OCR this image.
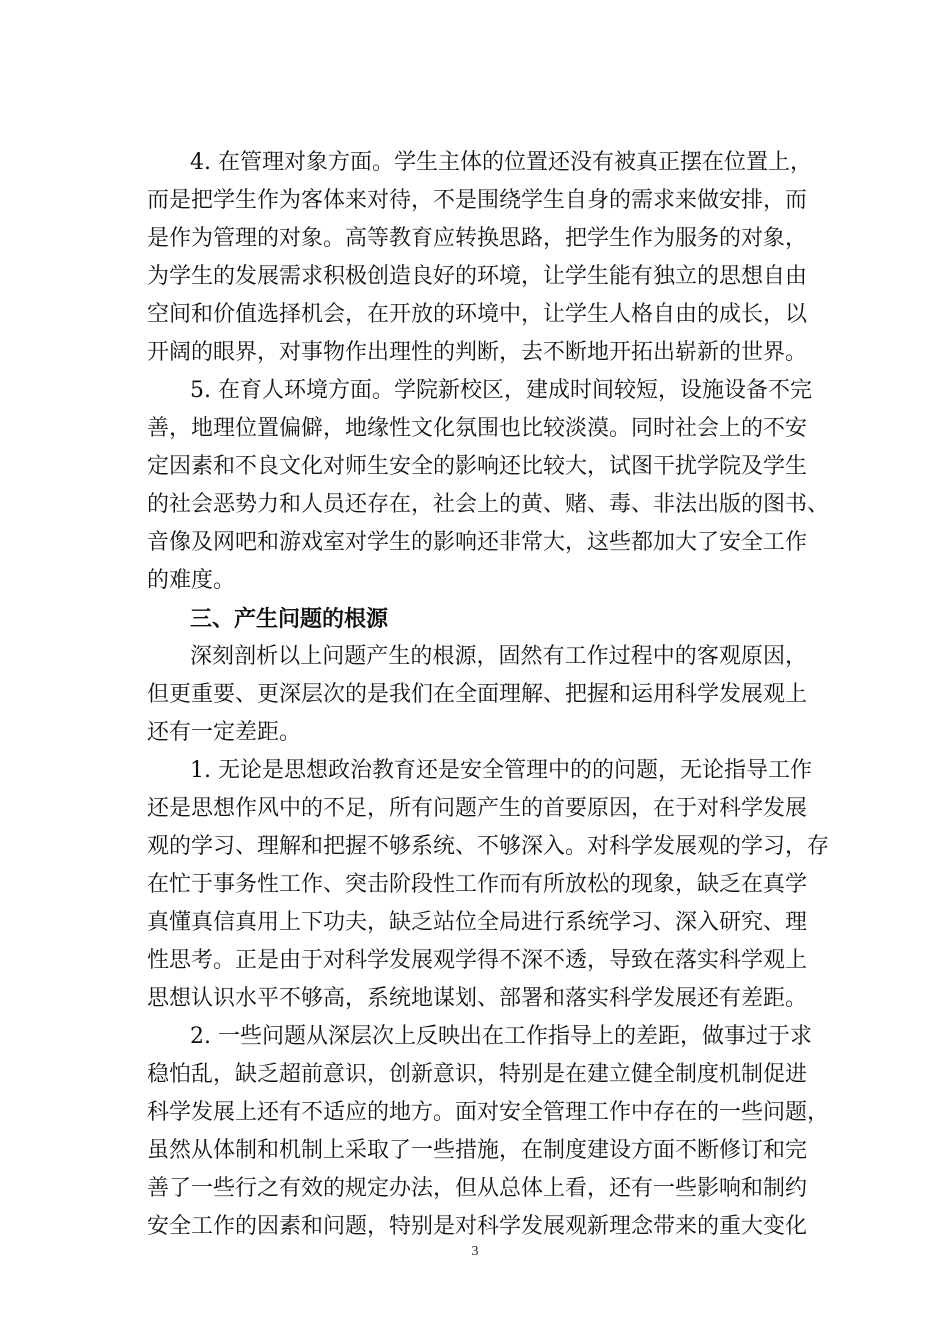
4. 在管理对象方面。学生主体的位置还没有被真正摆在位置上，
而是把学生作为客体来对待，不是围绕学生自身的需求来做安排，而
是作为管理的对象。高等教育应转换思路，把学生作为服务的对象，
为学生的发展需求积极创造良好的环境，让学生能有独立的思想自由
空间和价值选择机会，在开放的环境中，让学生人格自由的成长，以
开阔的眼界，对事物作出理性的判断，去不断地开拓出崭新的世界。
5. 在育人环境方面。学院新校区，建成时间较短，设施设备不完
善，地理位置偏僻，地缘性文化氛围也比较淡漠。同时社会上的不安
定因素和不良文化对师生安全的影响还比较大，试图干扰学院及学生
的社会恶势力和人员还存在，社会上的黄、赌、毒、非法出版的图书、
音像及网吧和游戏室对学生的影响还非常大，这些都加大了安全工作
的难度。
三、产生问题的根源
深刻剖析以上问题产生的根源，固然有工作过程中的客观原因，
但更重要、更深层次的是我们在全面理解、把握和运用科学发展观上
还有一定差距。
1. 无论是思想政治教育还是安全管理中的的问题，无论指导工作
还是思想作风中的不足，所有问题产生的首要原因，在于对科学发展
观的学习、理解和把握不够系统、不够深入。对科学发展观的学习，存
在忙于事务性工作、突击阶段性工作而有所放松的现象，缺乏在真学
真懂真信真用上下功夫，缺乏站位全局进行系统学习、深入研究、理
性思考。正是由于对科学发展观学得不深不透，导致在落实科学观上
思想认识水平不够高，系统地谋划、部署和落实科学发展还有差距。
2. 一些问题从深层次上反映出在工作指导上的差距，做事过于求
稳怕乱，缺乏超前意识，创新意识，特别是在建立健全制度机制促进
科学发展上还有不适应的地方。面对安全管理工作中存在的一些问题，
虽然从体制和机制上采取了一些措施，在制度建设方面不断修订和完
善了一些行之有效的规定办法，但从总体上看，还有一些影响和制约
安全工作的因素和问题，特别是对科学发展观新理念带来的重大变化
3
